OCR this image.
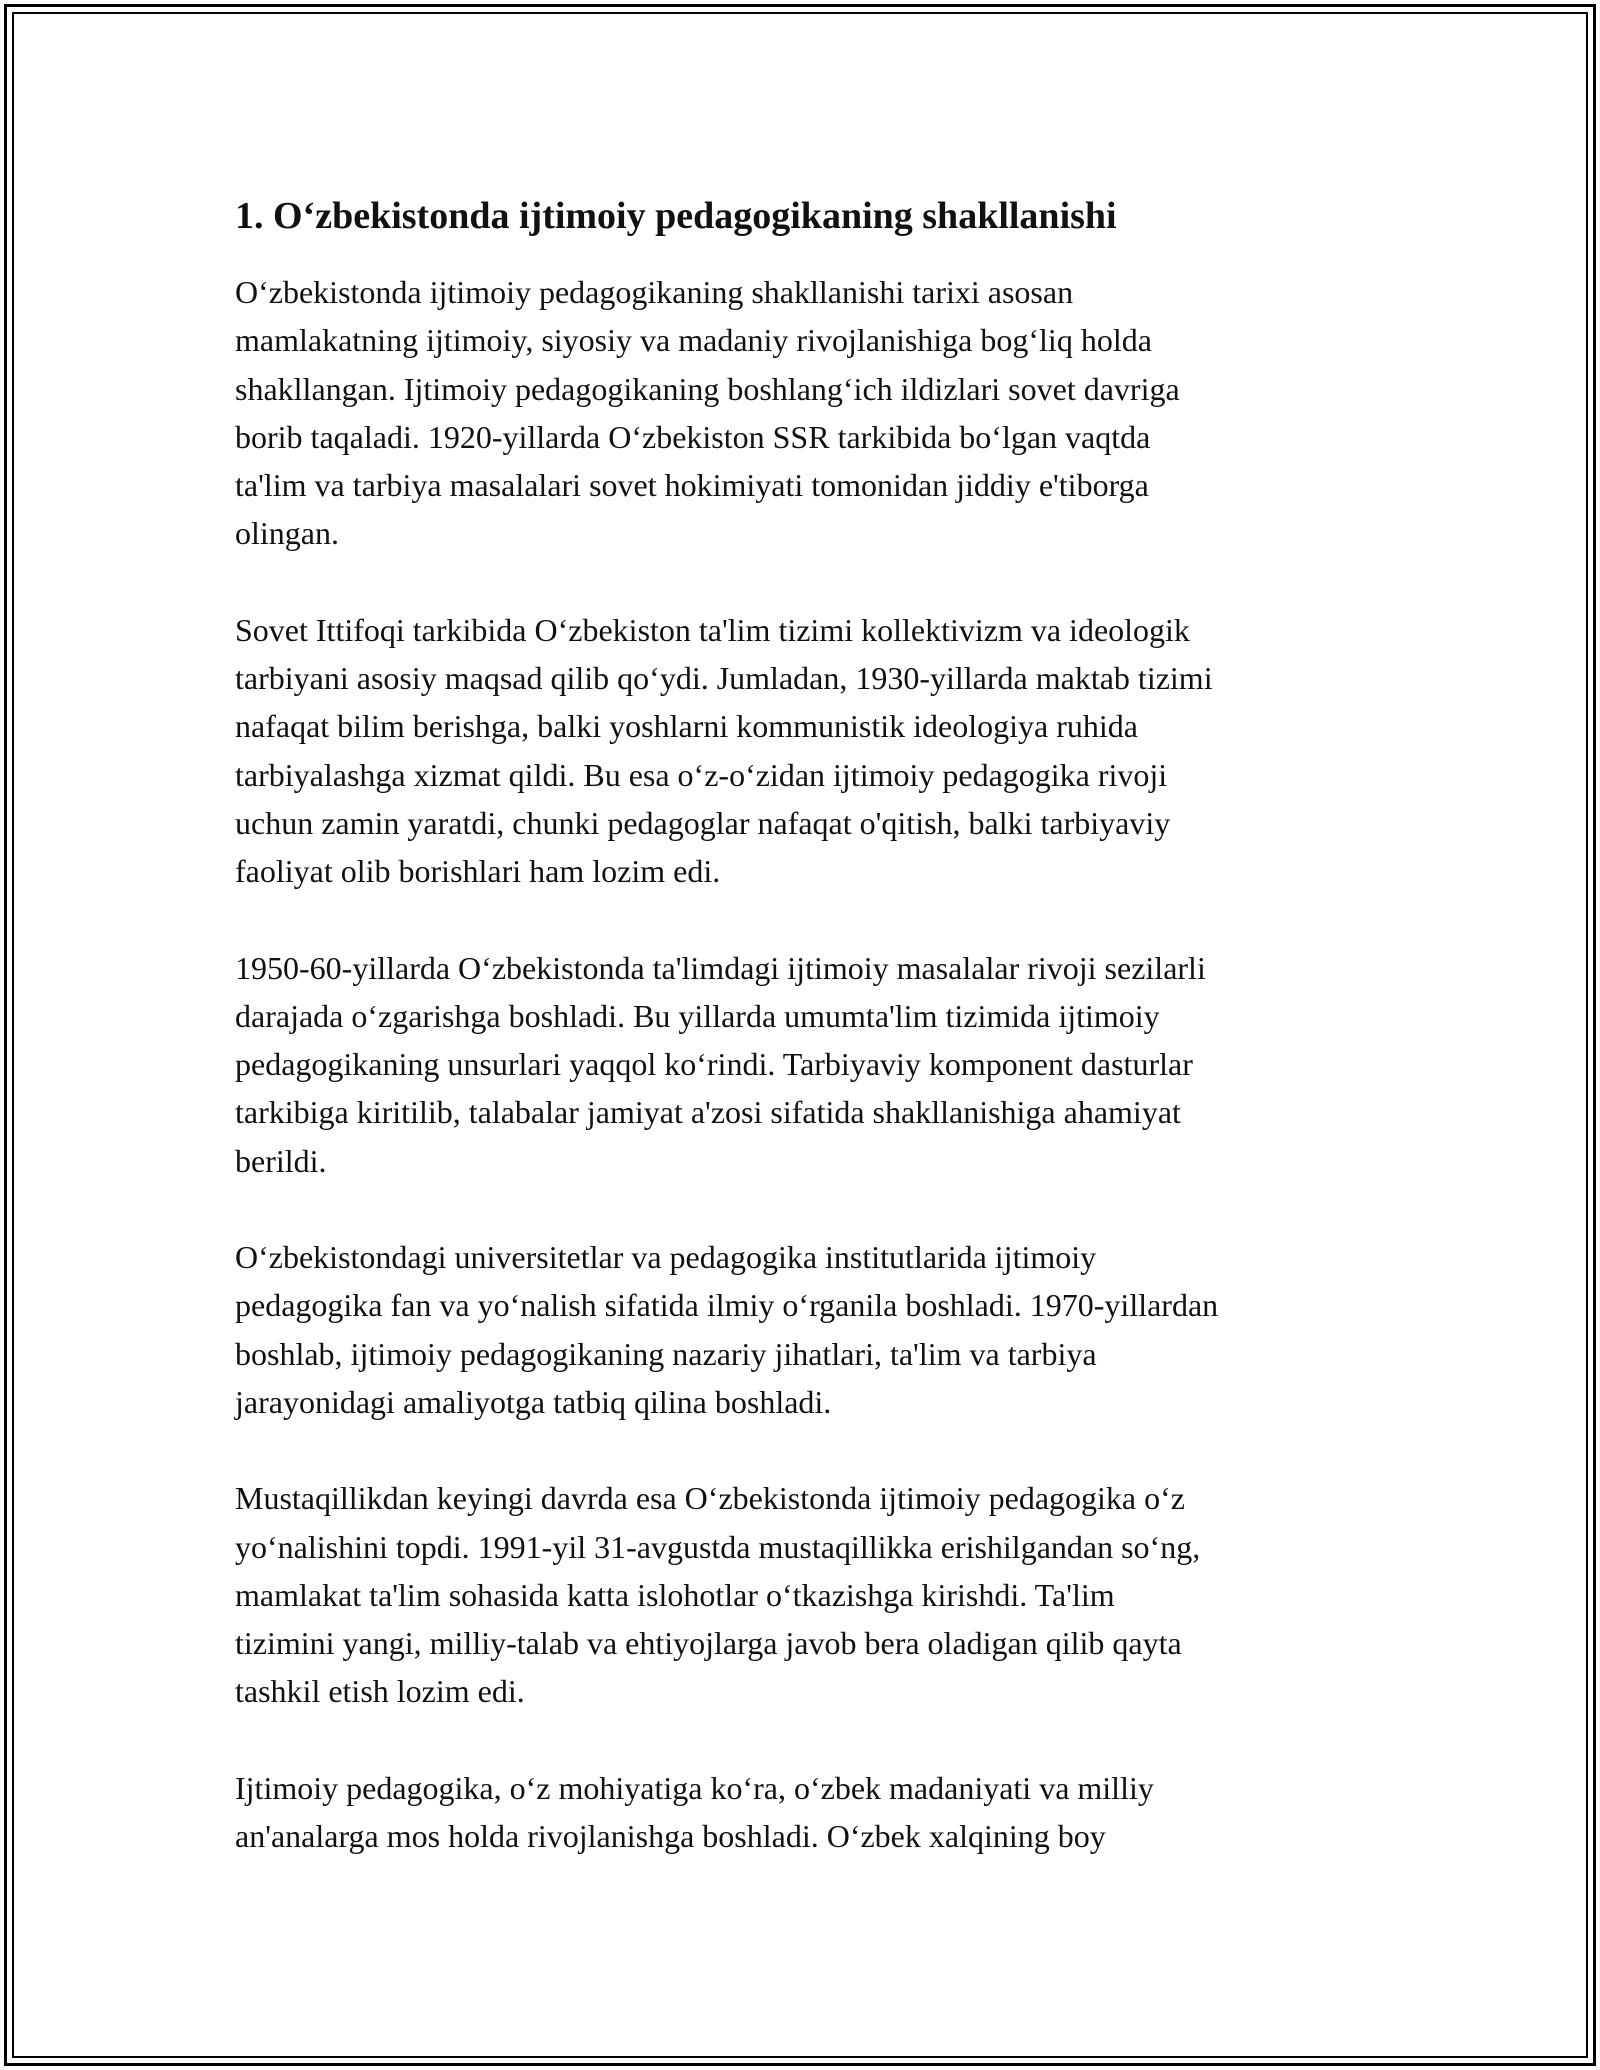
1. O‘zbekistonda ijtimoiy pedagogikaning shakllanishi

O‘zbekistonda ijtimoiy pedagogikaning shakllanishi tarixi asosan
mamlakatning ijtimoiy, siyosiy va madaniy rivojlanishiga bog‘liq holda
shakllangan. Ijtimoiy pedagogikaning boshlang‘ich ildizlari sovet davriga
borib taqaladi. 1920-yillarda O‘zbekiston SSR tarkibida bo‘lgan vaqtda
ta'lim va tarbiya masalalari sovet hokimiyati tomonidan jiddiy e'tiborga
olingan.

Sovet Ittifoqi tarkibida O‘zbekiston ta'lim tizimi kollektivizm va ideologik
tarbiyani asosiy maqsad qilib qo‘ydi. Jumladan, 1930-yillarda maktab tizimi
nafaqat bilim berishga, balki yoshlarni kommunistik ideologiya ruhida
tarbiyalashga xizmat qildi. Bu esa o‘z-o‘zidan ijtimoiy pedagogika rivoji
uchun zamin yaratdi, chunki pedagoglar nafaqat o'qitish, balki tarbiyaviy
faoliyat olib borishlari ham lozim edi.

1950-60-yillarda O‘zbekistonda ta'limdagi ijtimoiy masalalar rivoji sezilarli
darajada o‘zgarishga boshladi. Bu yillarda umumta'lim tizimida ijtimoiy
pedagogikaning unsurlari yaqqol ko‘rindi. Tarbiyaviy komponent dasturlar
tarkibiga kiritilib, talabalar jamiyat a'zosi sifatida shakllanishiga ahamiyat
berildi.

O‘zbekistondagi universitetlar va pedagogika institutlarida ijtimoiy
pedagogika fan va yo‘nalish sifatida ilmiy o‘rganila boshladi. 1970-yillardan
boshlab, ijtimoiy pedagogikaning nazariy jihatlari, ta'lim va tarbiya
jarayonidagi amaliyotga tatbiq qilina boshladi.

Mustaqillikdan keyingi davrda esa O‘zbekistonda ijtimoiy pedagogika o‘z
yo‘nalishini topdi. 1991-yil 31-avgustda mustaqillikka erishilgandan so‘ng,
mamlakat ta'lim sohasida katta islohotlar o‘tkazishga kirishdi. Ta'lim
tizimini yangi, milliy-talab va ehtiyojlarga javob bera oladigan qilib qayta
tashkil etish lozim edi.

Ijtimoiy pedagogika, o‘z mohiyatiga ko‘ra, o‘zbek madaniyati va milliy
an'analarga mos holda rivojlanishga boshladi. O‘zbek xalqining boy
